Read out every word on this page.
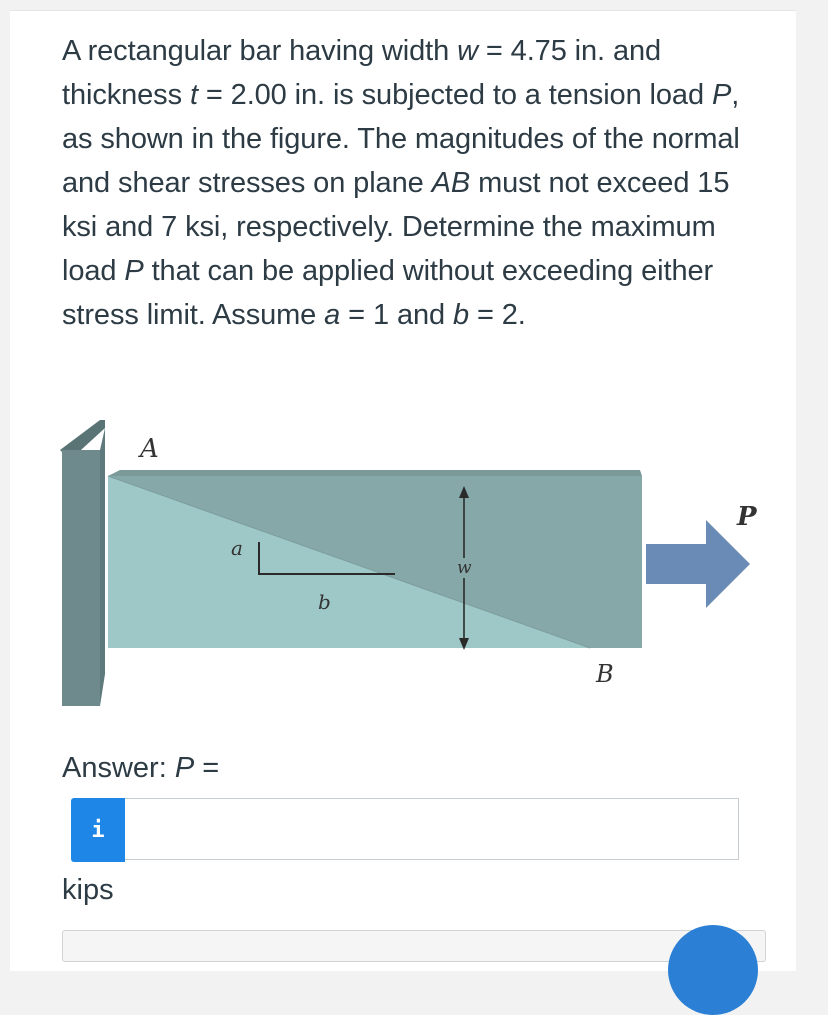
A rectangular bar having width w = 4.75 in. and thickness t = 2.00 in. is subjected to a tension load P, as shown in the figure. The magnitudes of the normal and shear stresses on plane AB must not exceed 15 ksi and 7 ksi, respectively. Determine the maximum load P that can be applied without exceeding either stress limit. Assume a = 1 and b = 2.

A
B
P
w
a
b
Answer: P =
i
kips
